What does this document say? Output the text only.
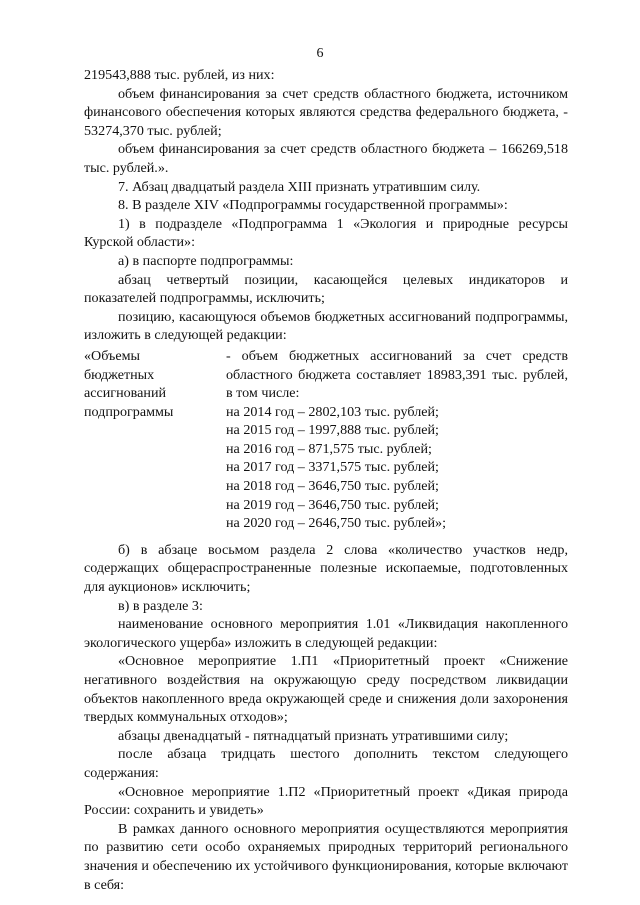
6

219543,888 тыс. рублей, из них:

объем финансирования за счет средств областного бюджета, источником финансового обеспечения которых являются средства федерального бюджета, - 53274,370 тыс. рублей;

объем финансирования за счет средств областного бюджета – 166269,518 тыс. рублей.».

7. Абзац двадцатый раздела XIII признать утратившим силу.

8. В разделе XIV «Подпрограммы государственной программы»:

1) в подразделе «Подпрограмма 1 «Экология и природные ресурсы Курской области»:

а) в паспорте подпрограммы:

абзац четвертый позиции, касающейся целевых индикаторов и показателей подпрограммы, исключить;

позицию, касающуюся объемов бюджетных ассигнований подпрограммы, изложить в следующей редакции:

«Объемы

бюджетных

ассигнований

подпрограммы

- объем бюджетных ассигнований за счет средств областного бюджета составляет 18983,391 тыс. рублей, в том числе:

на 2014 год – 2802,103 тыс. рублей;

на 2015 год – 1997,888 тыс. рублей;

на 2016 год – 871,575 тыс. рублей;

на 2017 год – 3371,575 тыс. рублей;

на 2018 год – 3646,750 тыс. рублей;

на 2019 год – 3646,750 тыс. рублей;

на 2020 год – 2646,750 тыс. рублей»;

б) в абзаце восьмом раздела 2 слова «количество участков недр, содержащих общераспространенные полезные ископаемые, подготовленных для аукционов» исключить;

в) в разделе 3:

наименование основного мероприятия 1.01 «Ликвидация накопленного экологического ущерба» изложить в следующей редакции:

«Основное мероприятие 1.П1 «Приоритетный проект «Снижение негативного воздействия на окружающую среду посредством ликвидации объектов накопленного вреда окружающей среде и снижения доли захоронения твердых коммунальных отходов»;

абзацы двенадцатый - пятнадцатый признать утратившими силу;

после абзаца тридцать шестого дополнить текстом следующего содержания:

«Основное мероприятие 1.П2 «Приоритетный проект «Дикая природа России: сохранить и увидеть»

В рамках данного основного мероприятия осуществляются мероприятия по развитию сети особо охраняемых природных территорий регионального значения и обеспечению их устойчивого функционирования, которые включают в себя:
